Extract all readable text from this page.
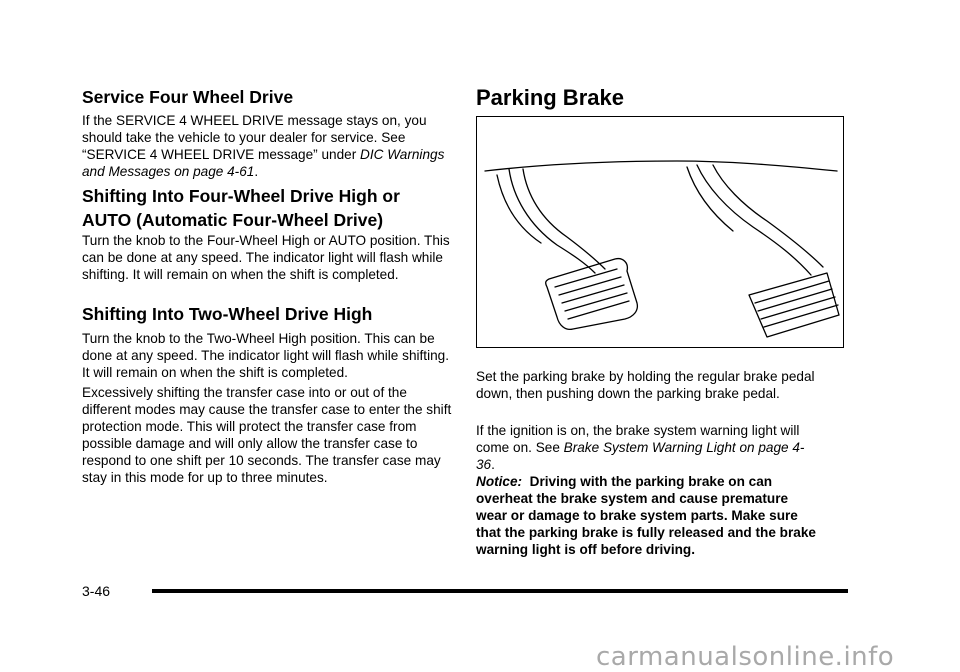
Service Four Wheel Drive

If the SERVICE 4 WHEEL DRIVE message stays on, you should take the vehicle to your dealer for service. See “SERVICE 4 WHEEL DRIVE message” under DIC Warnings and Messages on page 4-61.

Shifting Into Four-Wheel Drive High or
AUTO (Automatic Four-Wheel Drive)

Turn the knob to the Four-Wheel High or AUTO position. This can be done at any speed. The indicator light will flash while shifting. It will remain on when the shift is completed.

Shifting Into Two-Wheel Drive High

Turn the knob to the Two-Wheel High position. This can be done at any speed. The indicator light will flash while shifting. It will remain on when the shift is completed.

Excessively shifting the transfer case into or out of the different modes may cause the transfer case to enter the shift protection mode. This will protect the transfer case from possible damage and will only allow the transfer case to respond to one shift per 10 seconds. The transfer case may stay in this mode for up to three minutes.

Parking Brake

Set the parking brake by holding the regular brake pedal down, then pushing down the parking brake pedal.

If the ignition is on, the brake system warning light will come on. See Brake System Warning Light on page 4-36.

Notice: Driving with the parking brake on can overheat the brake system and cause premature wear or damage to brake system parts. Make sure that the parking brake is fully released and the brake warning light is off before driving.

3-46
carmanualsonline.info
